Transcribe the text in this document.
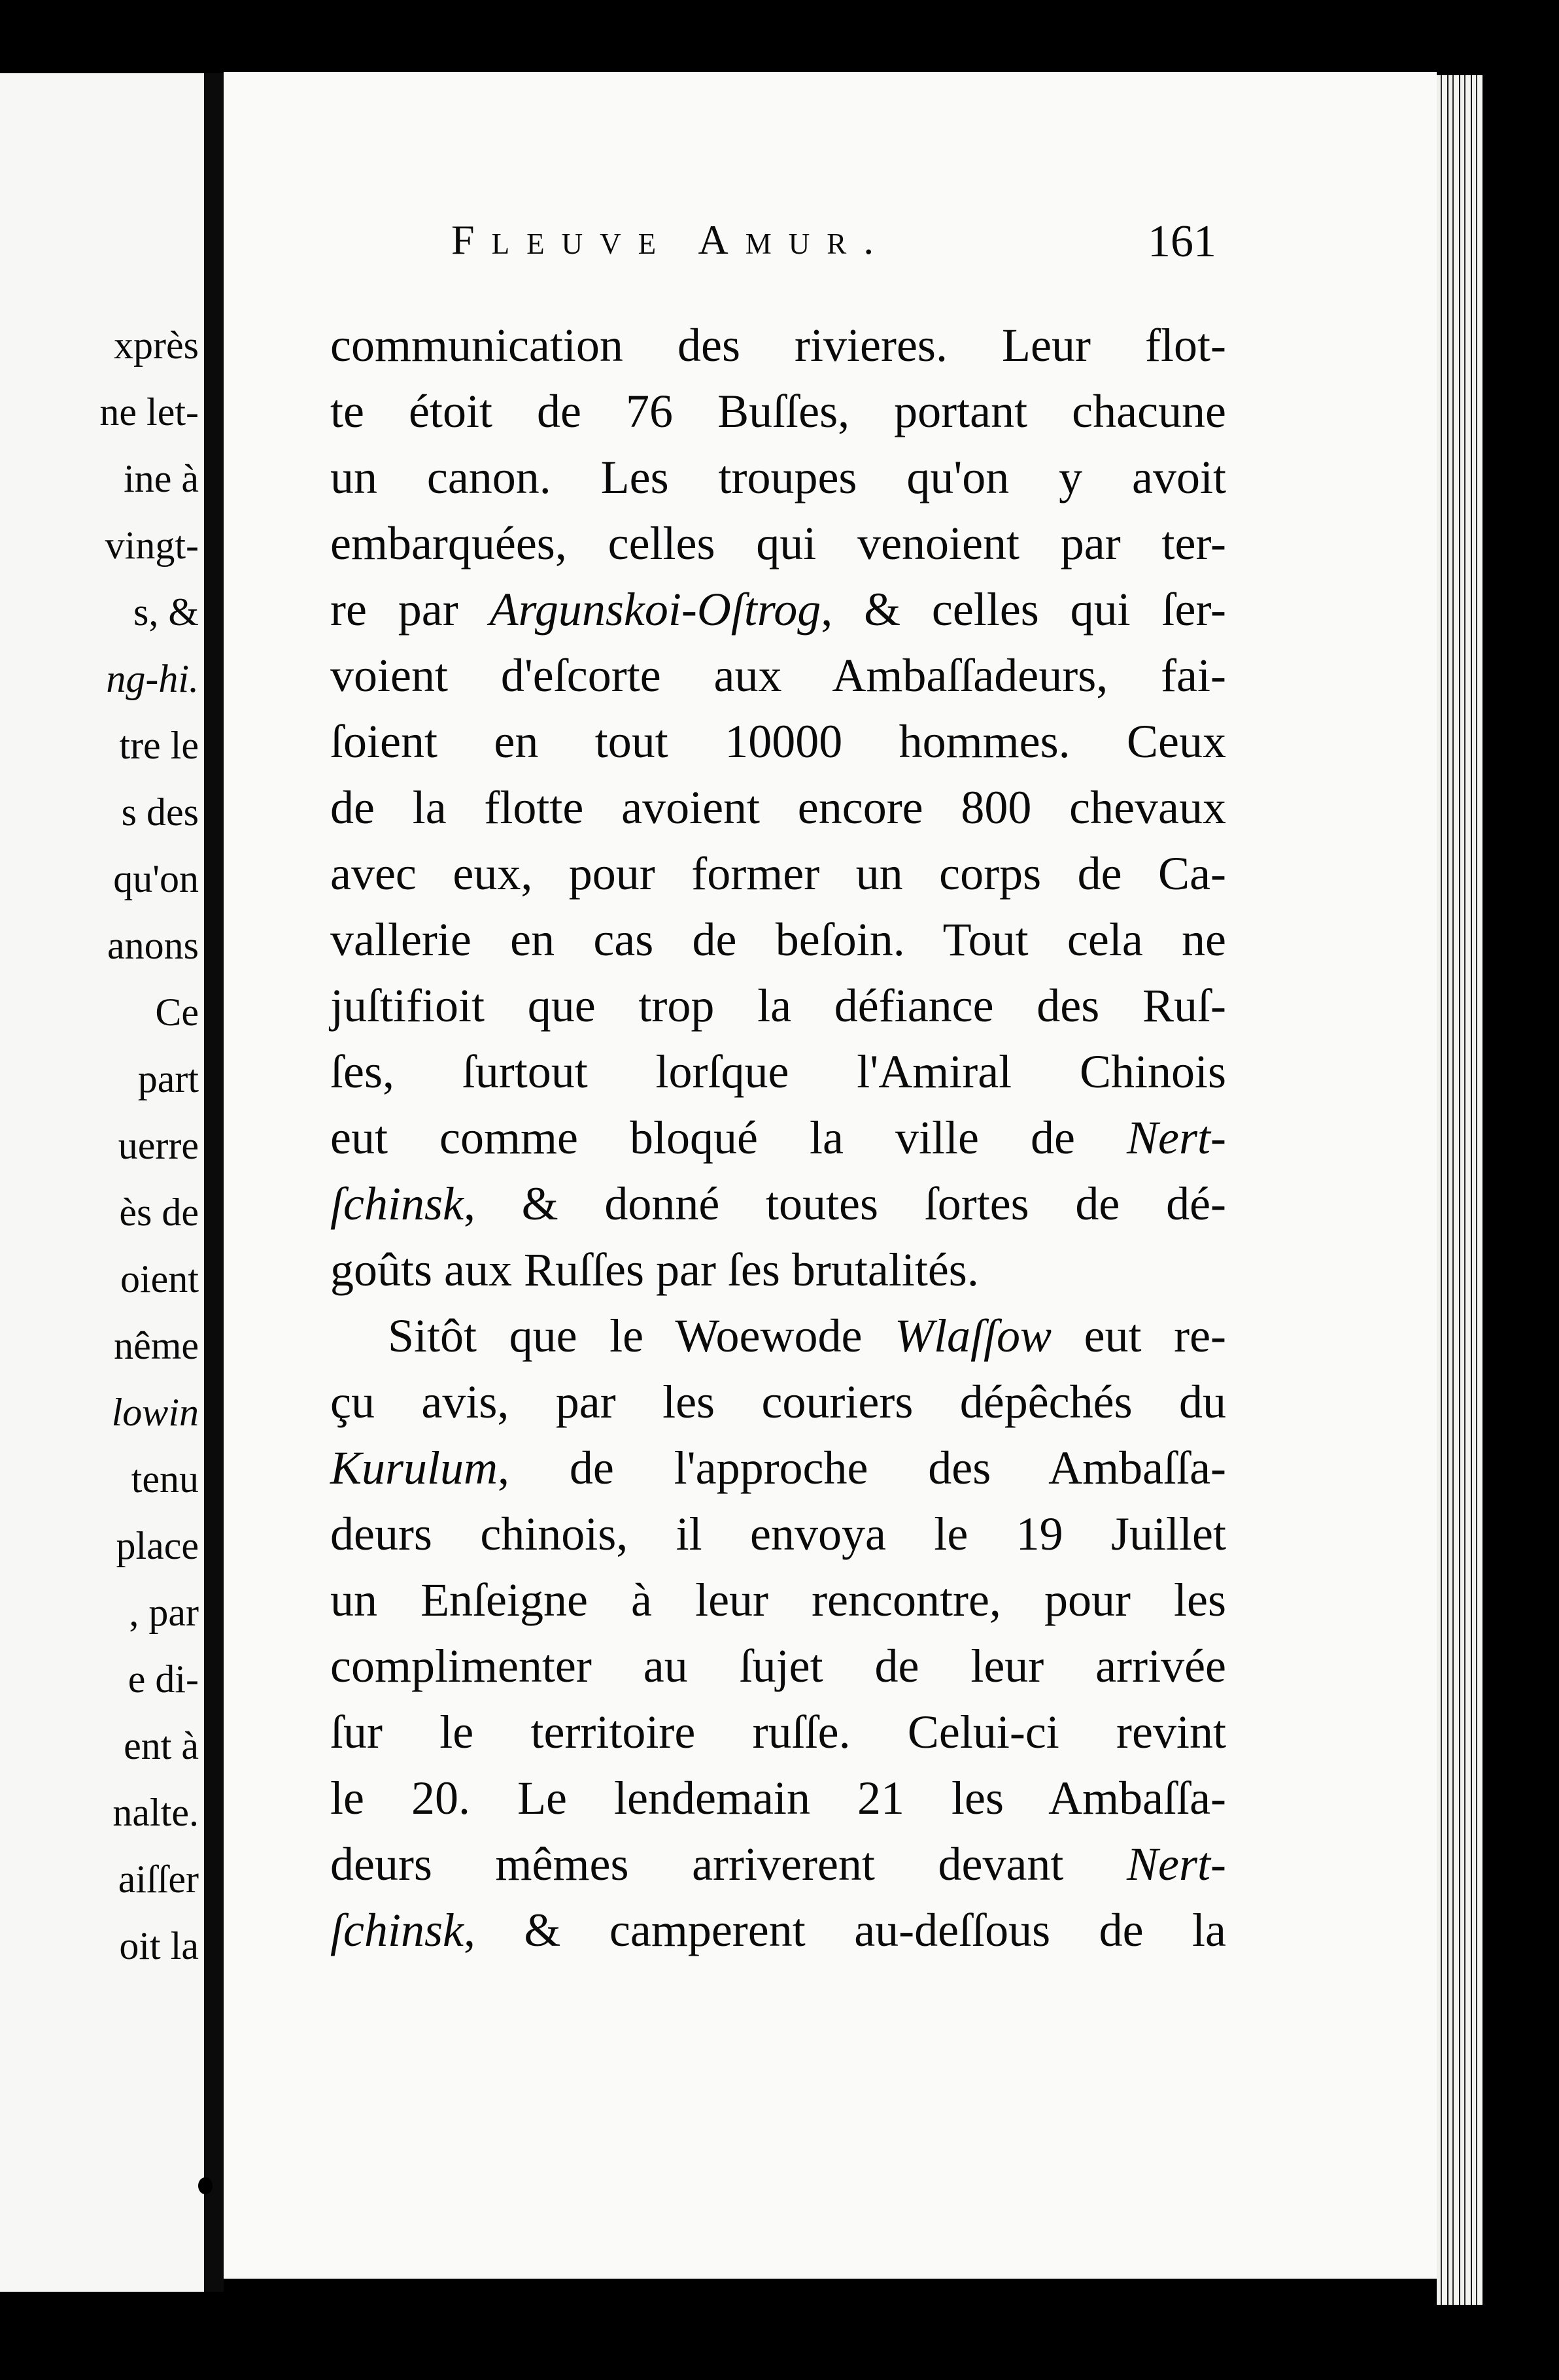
xprès
ne let-
ine à
vingt-
s, &
ng-hi.
tre le
s des
qu'on
anons
Ce
part
uerre
ès de
oient
nême
lowin
tenu
place
, par
e di-
ent à
nalte.
aiſſer
oit la
Fleuve Amur.	161
communication des rivieres. Leur flot-
te étoit de 76 Buſſes, portant chacune
un canon. Les troupes qu'on y avoit
embarquées, celles qui venoient par ter-
re par Argunskoi-Oſtrog, & celles qui ſer-
voient d'eſcorte aux Ambaſſadeurs, fai-
ſoient en tout 10000 hommes. Ceux
de la flotte avoient encore 800 chevaux
avec eux, pour former un corps de Ca-
vallerie en cas de beſoin. Tout cela ne
juſtifioit que trop la défiance des Ruſ-
ſes, ſurtout lorſque l'Amiral Chinois
eut comme bloqué la ville de Nert-
ſchinsk, & donné toutes ſortes de dé-
goûts aux Ruſſes par ſes brutalités.
Sitôt que le Woewode Wlaſſow eut re-
çu avis, par les couriers dépêchés du
Kurulum, de l'approche des Ambaſſa-
deurs chinois, il envoya le 19 Juillet
un Enſeigne à leur rencontre, pour les
complimenter au ſujet de leur arrivée
ſur le territoire ruſſe. Celui-ci revint
le 20. Le lendemain 21 les Ambaſſa-
deurs mêmes arriverent devant Nert-
ſchinsk, & camperent au-deſſous de la
